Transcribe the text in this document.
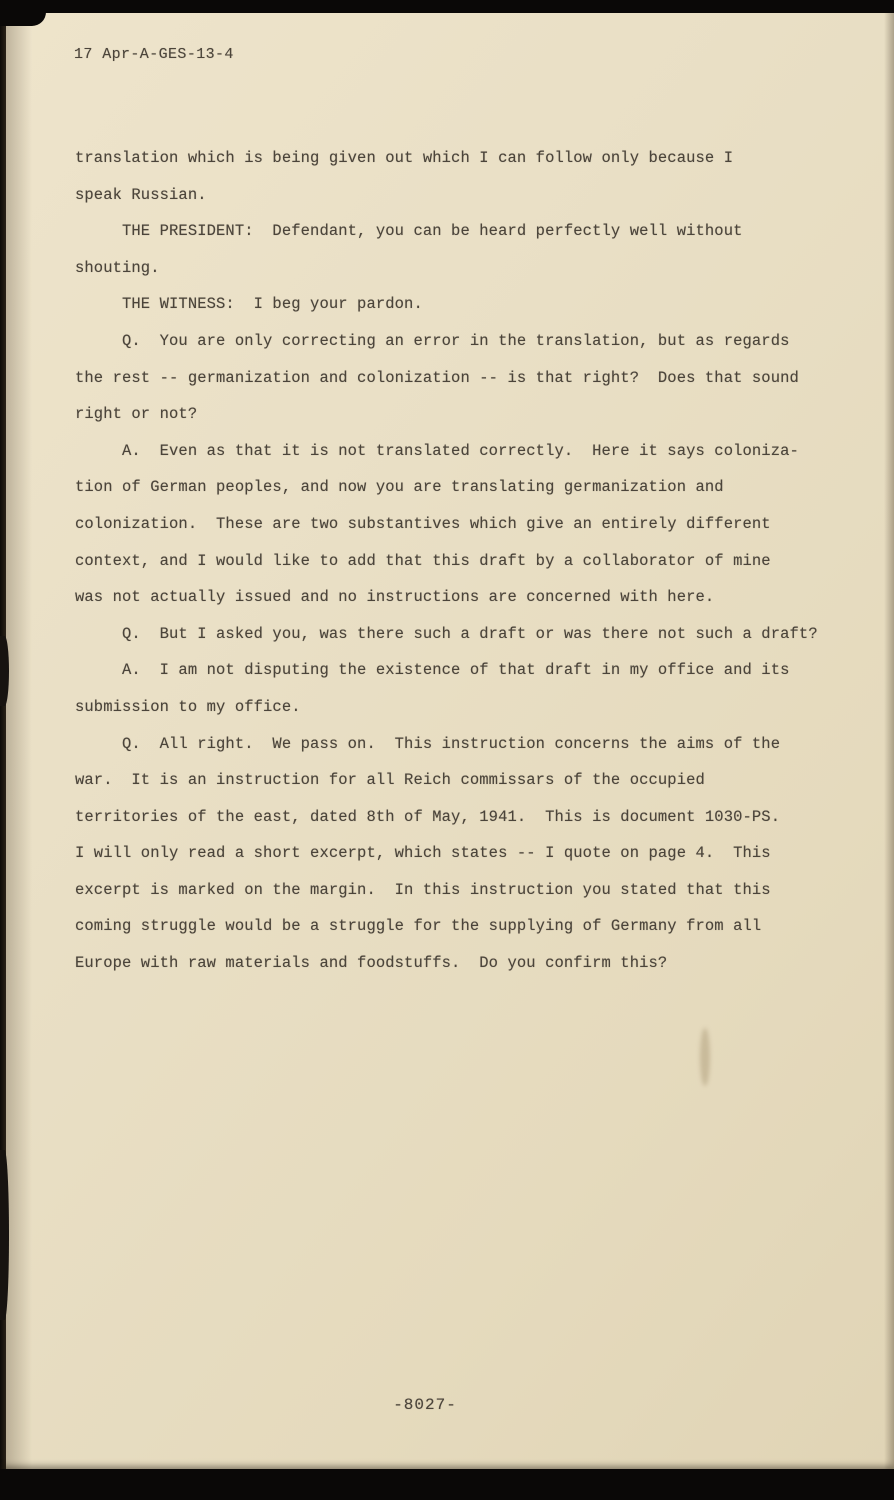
17 Apr-A-GES-13-4
translation which is being given out which I can follow only because I
speak Russian.
THE PRESIDENT:  Defendant, you can be heard perfectly well without
shouting.
THE WITNESS:  I beg your pardon.
Q.  You are only correcting an error in the translation, but as regards
the rest -- germanization and colonization -- is that right?  Does that sound
right or not?
A.  Even as that it is not translated correctly.  Here it says coloniza-
tion of German peoples, and now you are translating germanization and
colonization.  These are two substantives which give an entirely different
context, and I would like to add that this draft by a collaborator of mine
was not actually issued and no instructions are concerned with here.
Q.  But I asked you, was there such a draft or was there not such a draft?
A.  I am not disputing the existence of that draft in my office and its
submission to my office.
Q.  All right.  We pass on.  This instruction concerns the aims of the
war.  It is an instruction for all Reich commissars of the occupied
territories of the east, dated 8th of May, 1941.  This is document 1030-PS.
I will only read a short excerpt, which states -- I quote on page 4.  This
excerpt is marked on the margin.  In this instruction you stated that this
coming struggle would be a struggle for the supplying of Germany from all
Europe with raw materials and foodstuffs.  Do you confirm this?
-8027-
